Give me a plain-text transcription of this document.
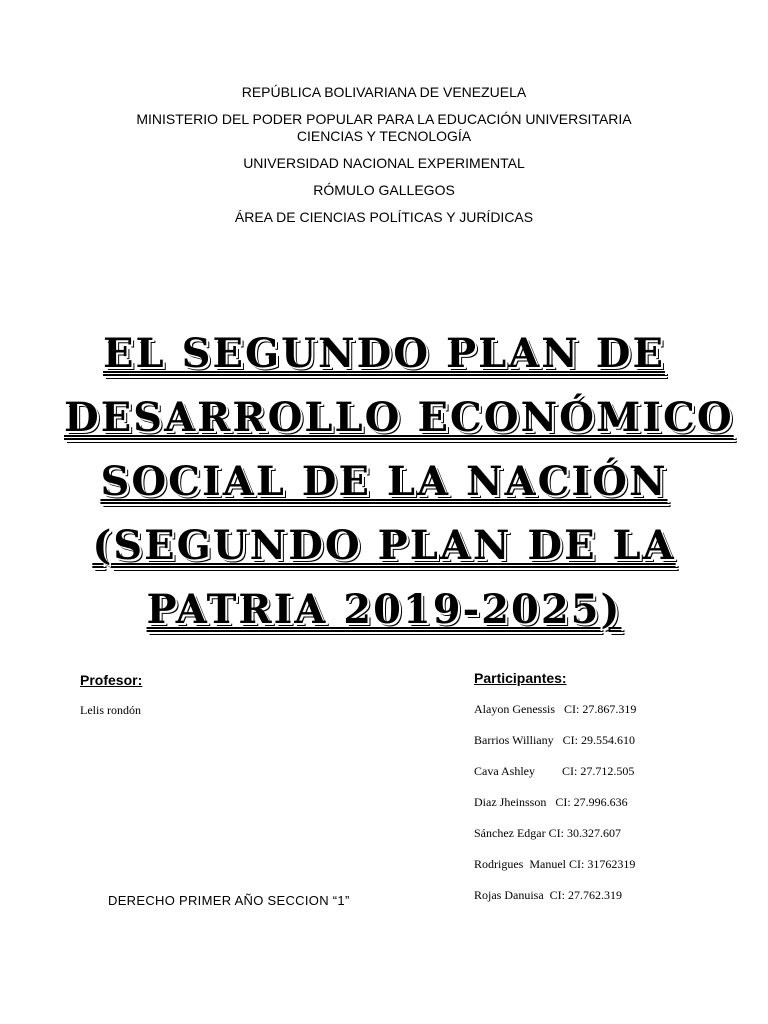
REPÚBLICA BOLIVARIANA DE VENEZUELA
MINISTERIO DEL PODER POPULAR PARA LA EDUCACIÓN UNIVERSITARIA
CIENCIAS Y TECNOLOGÍA
UNIVERSIDAD NACIONAL EXPERIMENTAL
RÓMULO GALLEGOS
ÁREA DE CIENCIAS POLÍTICAS Y JURÍDICAS
EL SEGUNDO PLAN DE
DESARROLLO ECONÓMICO
SOCIAL DE LA NACIÓN
(SEGUNDO PLAN DE LA
PATRIA 2019-2025)
Profesor:
Lelis rondón
Participantes:
Alayon Genessis   CI: 27.867.319
Barrios Williany   CI: 29.554.610
Cava Ashley         CI: 27.712.505
Diaz Jheinsson   CI: 27.996.636
Sánchez Edgar CI: 30.327.607
Rodrigues  Manuel CI: 31762319
Rojas Danuisa  CI: 27.762.319
DERECHO PRIMER AÑO SECCION “1”
